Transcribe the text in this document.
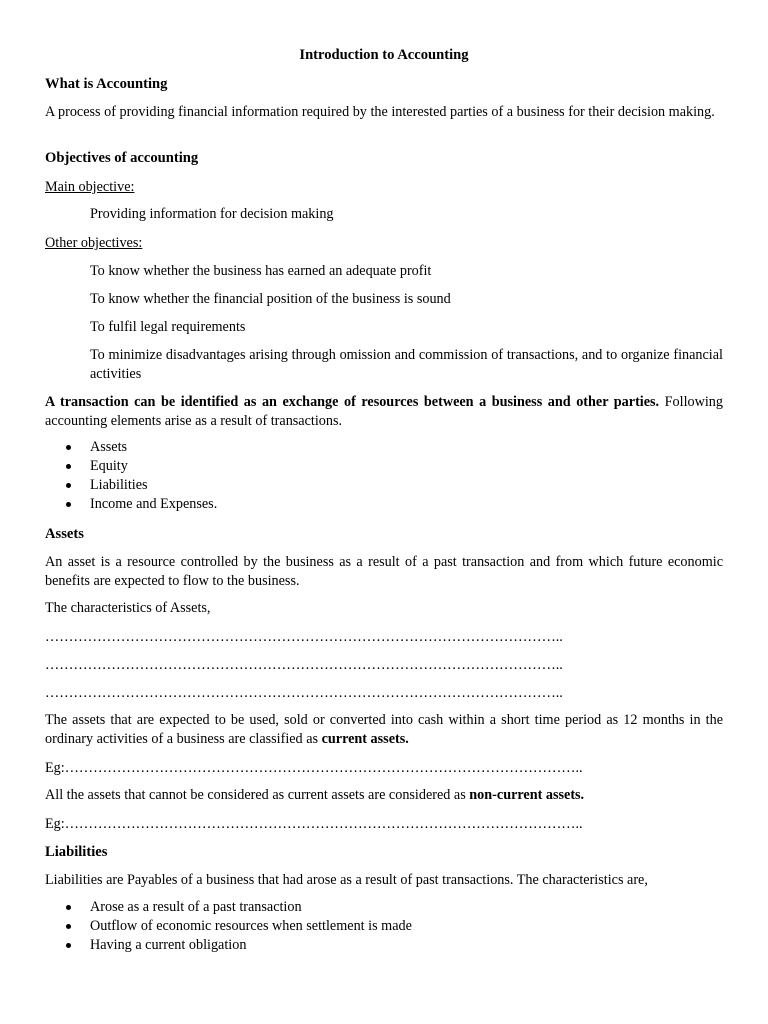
Introduction to Accounting

What is Accounting

A process of providing financial information required by the interested parties of a business for their decision making.

Objectives of accounting

Main objective:

Providing information for decision making

Other objectives:

To know whether the business has earned an adequate profit

To know whether the financial position of the business is sound

To fulfil legal requirements

To minimize disadvantages arising through omission and commission of transactions, and to organize financial activities

A transaction can be identified as an exchange of resources between a business and other parties. Following accounting elements arise as a result of transactions.

Assets
Equity
Liabilities
Income and Expenses.

Assets

An asset is a resource controlled by the business as a result of a past transaction and from which future economic benefits are expected to flow to the business.

The characteristics of Assets,

………………………………………………………………………………………………..

………………………………………………………………………………………………..

………………………………………………………………………………………………..

The assets that are expected to be used, sold or converted into cash within a short time period as 12 months in the ordinary activities of a business are classified as current assets.

Eg:………………………………………………………………………………………………..

All the assets that cannot be considered as current assets are considered as non-current assets.

Eg:………………………………………………………………………………………………..

Liabilities

Liabilities are Payables of a business that had arose as a result of past transactions. The characteristics are,

Arose as a result of a past transaction
Outflow of economic resources when settlement is made
Having a current obligation
